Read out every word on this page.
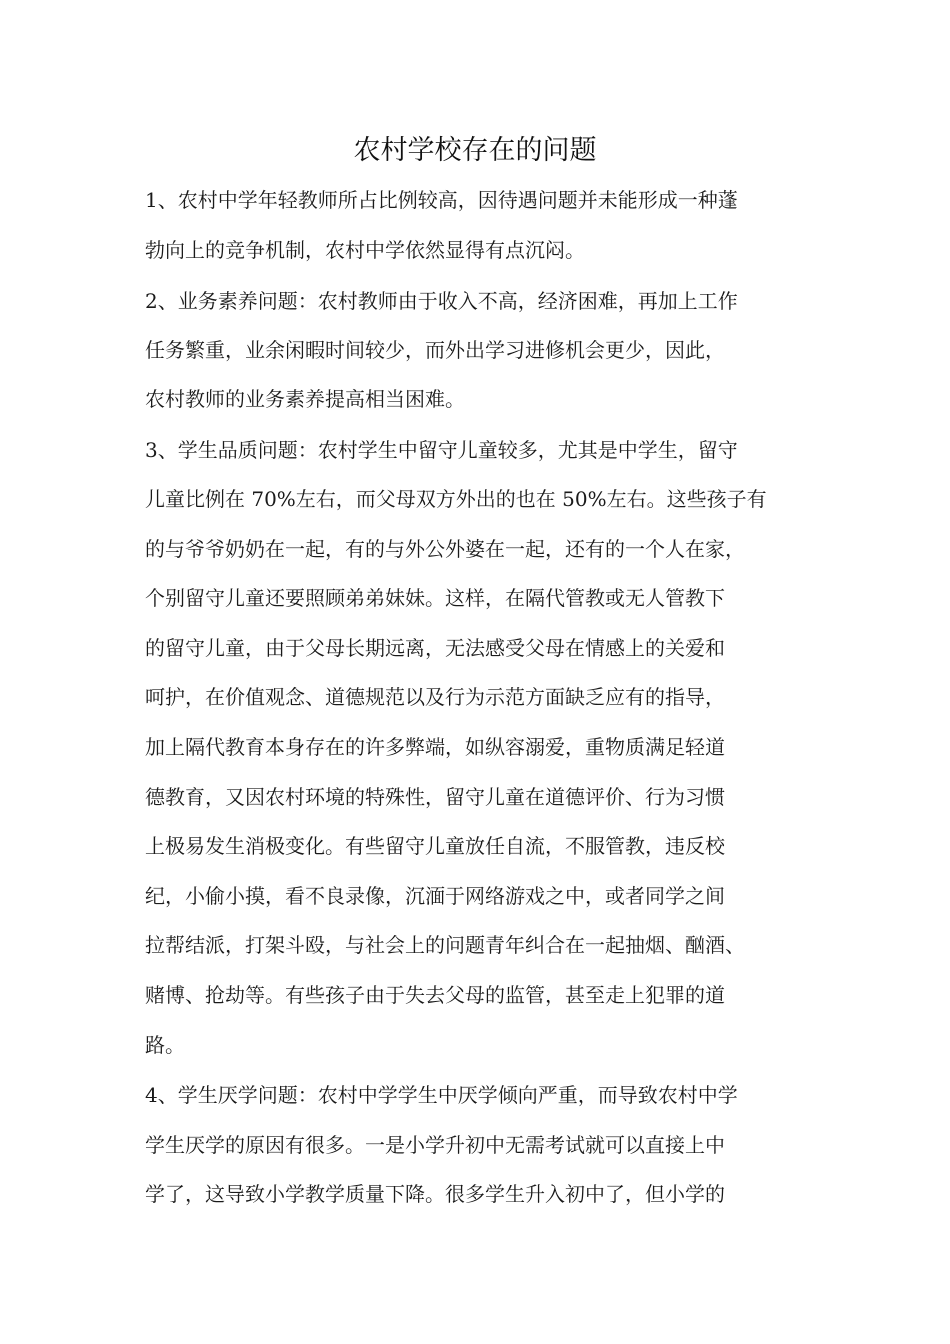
农村学校存在的问题

1、农村中学年轻教师所占比例较高，因待遇问题并未能形成一种蓬

勃向上的竞争机制，农村中学依然显得有点沉闷。

2、业务素养问题：农村教师由于收入不高，经济困难，再加上工作

任务繁重，业余闲暇时间较少，而外出学习进修机会更少，因此，

农村教师的业务素养提高相当困难。

3、学生品质问题：农村学生中留守儿童较多，尤其是中学生，留守

儿童比例在 70%左右，而父母双方外出的也在 50%左右。这些孩子有

的与爷爷奶奶在一起，有的与外公外婆在一起，还有的一个人在家，

个别留守儿童还要照顾弟弟妹妹。这样，在隔代管教或无人管教下

的留守儿童，由于父母长期远离，无法感受父母在情感上的关爱和

呵护，在价值观念、道德规范以及行为示范方面缺乏应有的指导，

加上隔代教育本身存在的许多弊端，如纵容溺爱，重物质满足轻道

德教育，又因农村环境的特殊性，留守儿童在道德评价、行为习惯

上极易发生消极变化。有些留守儿童放任自流，不服管教，违反校

纪，小偷小摸，看不良录像，沉湎于网络游戏之中，或者同学之间

拉帮结派，打架斗殴，与社会上的问题青年纠合在一起抽烟、酗酒、

赌博、抢劫等。有些孩子由于失去父母的监管，甚至走上犯罪的道

路。

4、学生厌学问题：农村中学学生中厌学倾向严重，而导致农村中学

学生厌学的原因有很多。一是小学升初中无需考试就可以直接上中

学了，这导致小学教学质量下降。很多学生升入初中了，但小学的
